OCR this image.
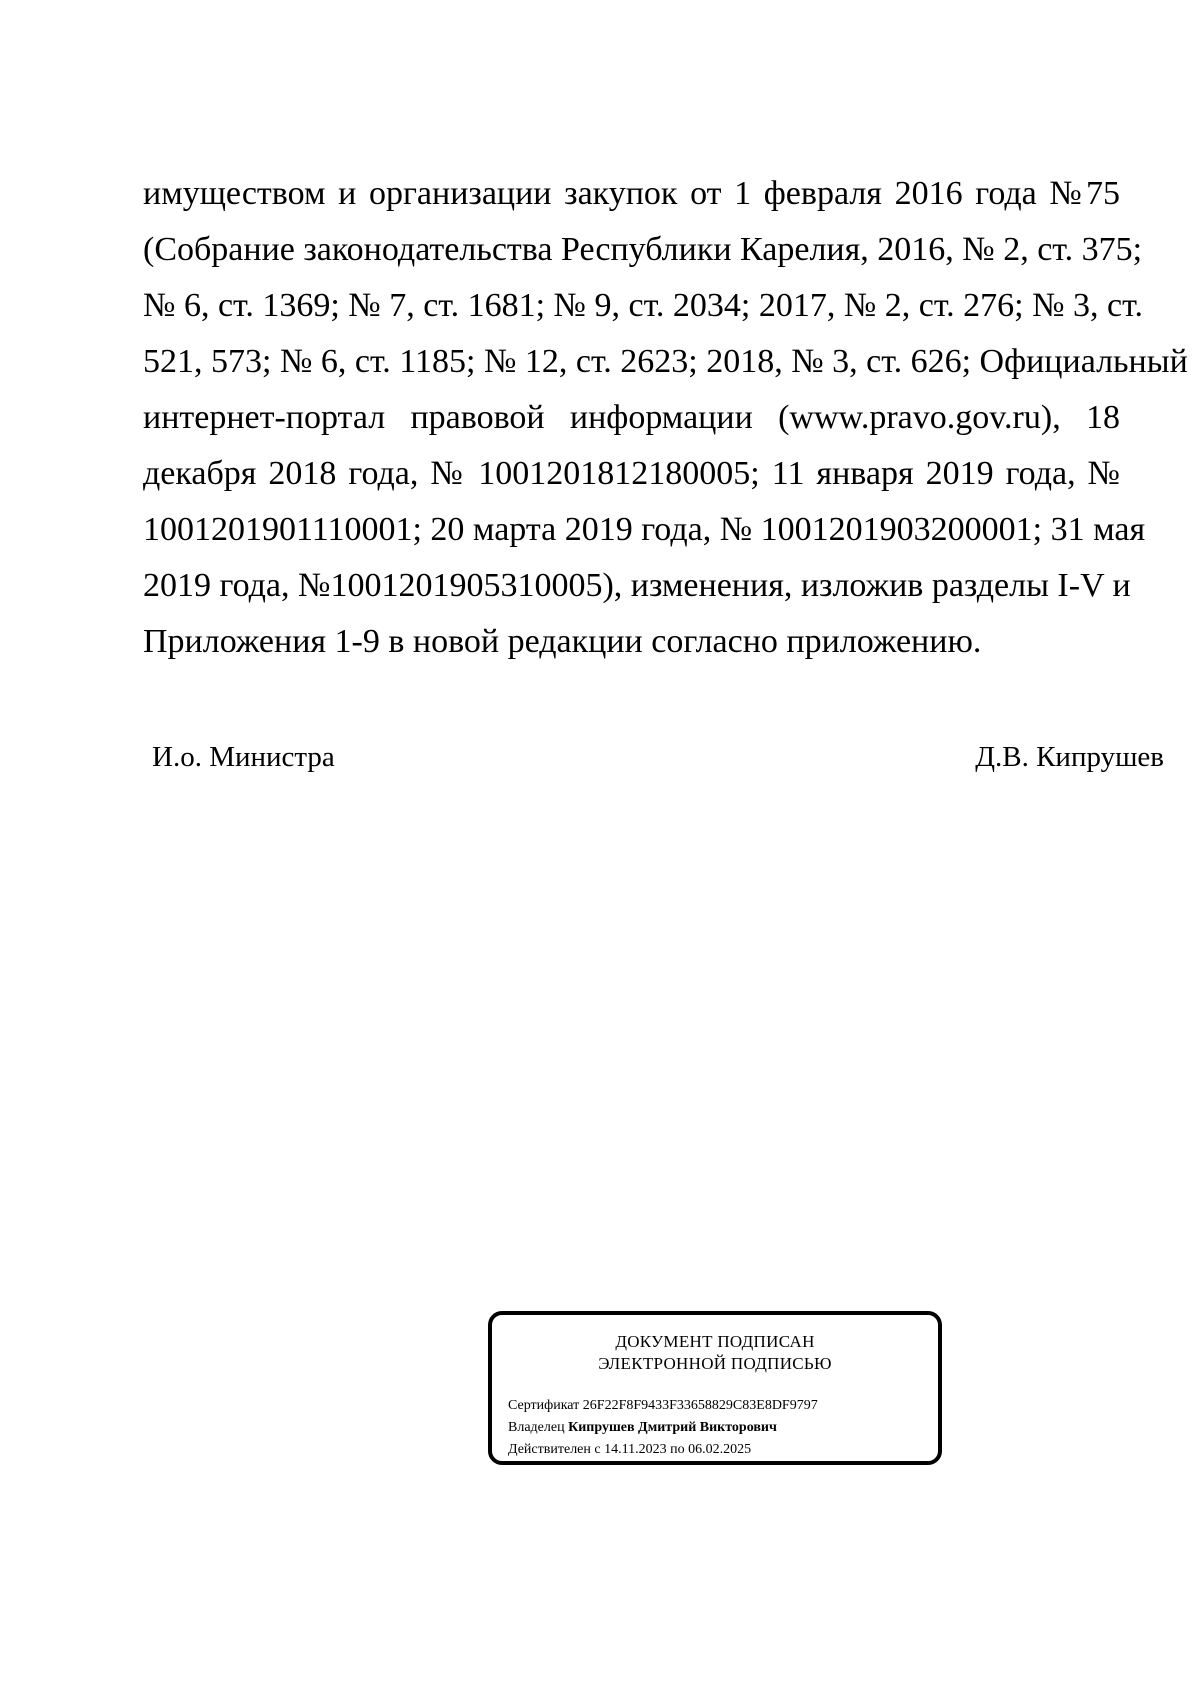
имуществом и организации закупок от 1 февраля 2016 года №75
(Собрание законодательства Республики Карелия, 2016, № 2, ст. 375;
№ 6, ст. 1369; № 7, ст. 1681; № 9, ст. 2034; 2017, № 2, ст. 276; № 3, ст.
521, 573; № 6, ст. 1185; № 12, ст. 2623; 2018, № 3, ст. 626; Официальный
интернет-портал правовой информации (www.pravo.gov.ru), 18
декабря 2018 года, № 1001201812180005; 11 января 2019 года, №
1001201901110001; 20 марта 2019 года, № 1001201903200001; 31 мая
2019 года, №1001201905310005), изменения, изложив разделы I-V и
Приложения 1-9 в новой редакции согласно приложению.
И.о. Министра	Д.В. Кипрушев
ДОКУМЕНТ ПОДПИСАН
ЭЛЕКТРОННОЙ ПОДПИСЬЮ
Сертификат 26F22F8F9433F33658829C83E8DF9797
Владелец Кипрушев Дмитрий Викторович
Действителен с 14.11.2023 по 06.02.2025
